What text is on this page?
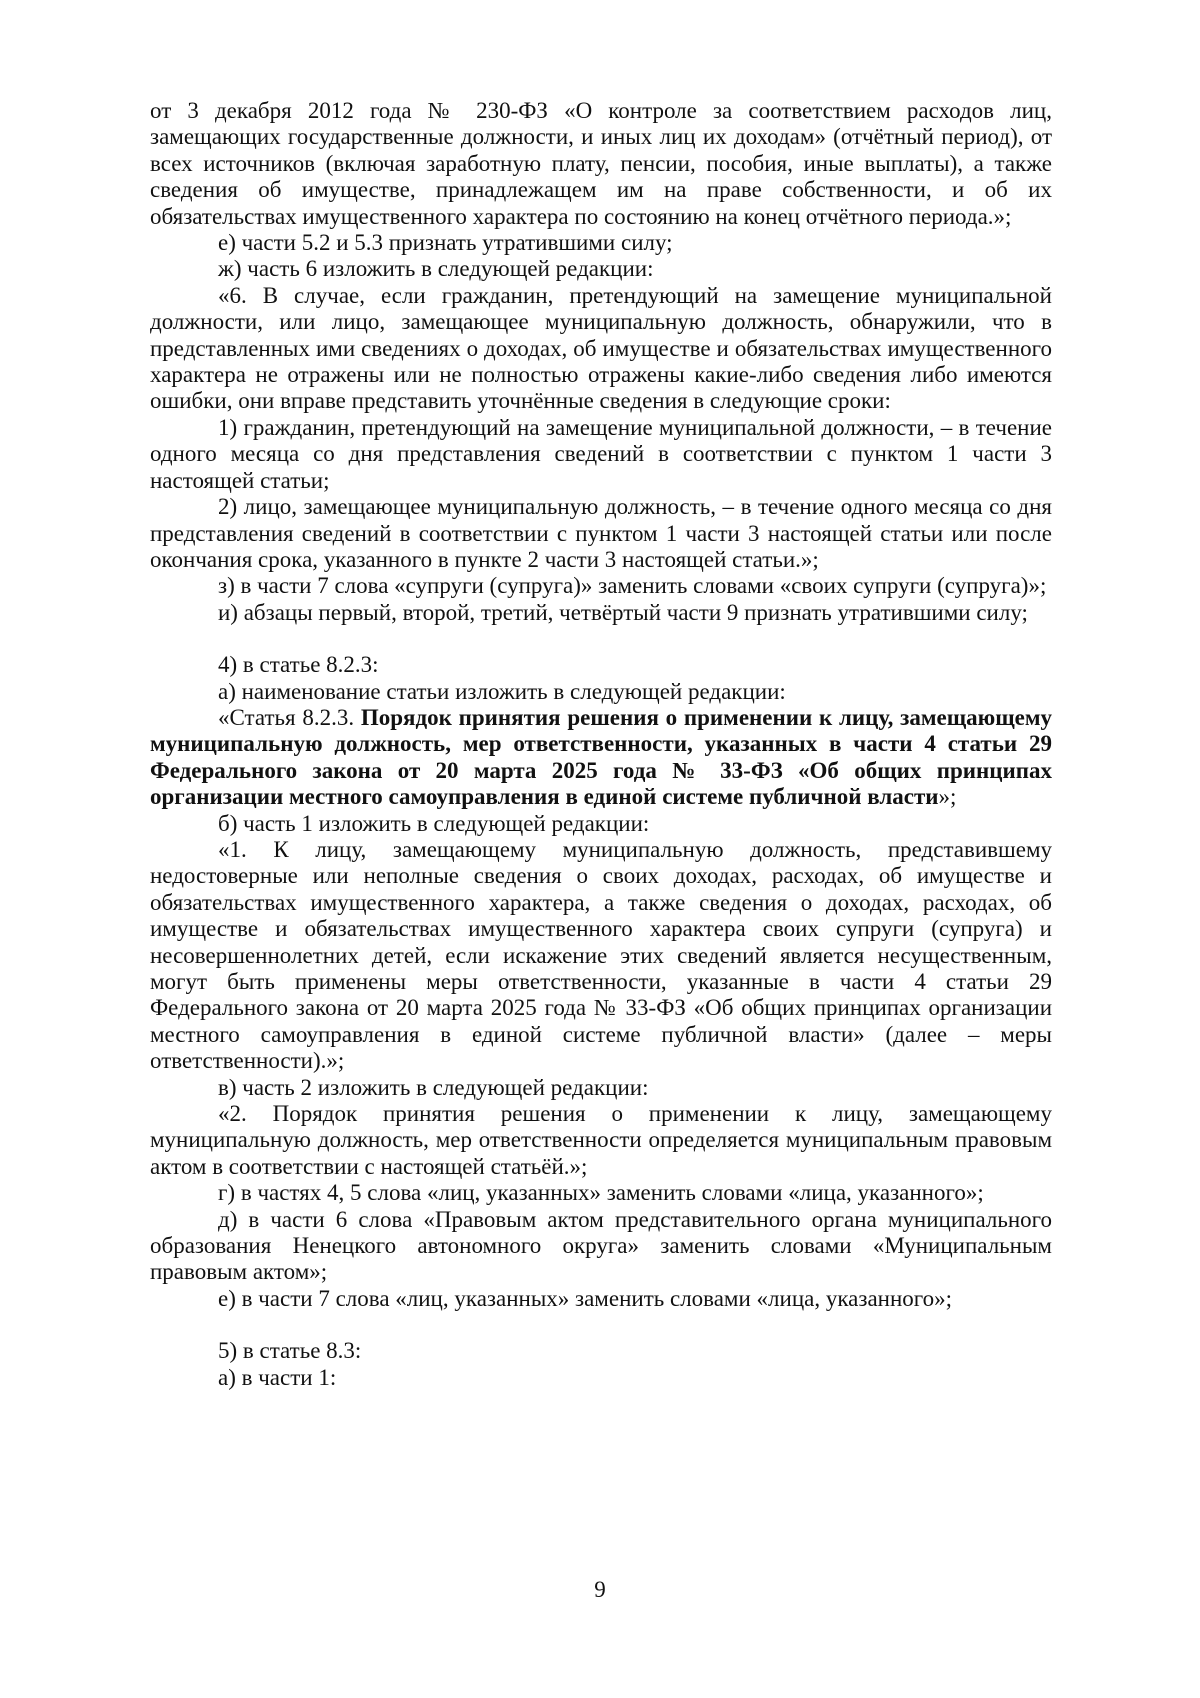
от 3 декабря 2012 года № 230-ФЗ «О контроле за соответствием расходов лиц, замещающих государственные должности, и иных лиц их доходам» (отчётный период), от всех источников (включая заработную плату, пенсии, пособия, иные выплаты), а также сведения об имуществе, принадлежащем им на праве собственности, и об их обязательствах имущественного характера по состоянию на конец отчётного периода.»;

е) части 5.2 и 5.3 признать утратившими силу;

ж) часть 6 изложить в следующей редакции:

«6. В случае, если гражданин, претендующий на замещение муниципальной должности, или лицо, замещающее муниципальную должность, обнаружили, что в представленных ими сведениях о доходах, об имуществе и обязательствах имущественного характера не отражены или не полностью отражены какие-либо сведения либо имеются ошибки, они вправе представить уточнённые сведения в следующие сроки:

1) гражданин, претендующий на замещение муниципальной должности, – в течение одного месяца со дня представления сведений в соответствии с пунктом 1 части 3 настоящей статьи;

2) лицо, замещающее муниципальную должность, – в течение одного месяца со дня представления сведений в соответствии с пунктом 1 части 3 настоящей статьи или после окончания срока, указанного в пункте 2 части 3 настоящей статьи.»;

з) в части 7 слова «супруги (супруга)» заменить словами «своих супруги (супруга)»;

и) абзацы первый, второй, третий, четвёртый части 9 признать утратившими силу;

4) в статье 8.2.3:

а) наименование статьи изложить в следующей редакции:

«Статья 8.2.3. Порядок принятия решения о применении к лицу, замещающему муниципальную должность, мер ответственности, указанных в части 4 статьи 29 Федерального закона от 20 марта 2025 года № 33-ФЗ «Об общих принципах организации местного самоуправления в единой системе публичной власти»;

б) часть 1 изложить в следующей редакции:

«1. К лицу, замещающему муниципальную должность, представившему недостоверные или неполные сведения о своих доходах, расходах, об имуществе и обязательствах имущественного характера, а также сведения о доходах, расходах, об имуществе и обязательствах имущественного характера своих супруги (супруга) и несовершеннолетних детей, если искажение этих сведений является несущественным, могут быть применены меры ответственности, указанные в части 4 статьи 29 Федерального закона от 20 марта 2025 года № 33-ФЗ «Об общих принципах организации местного самоуправления в единой системе публичной власти» (далее – меры ответственности).»;

в) часть 2 изложить в следующей редакции:

«2. Порядок принятия решения о применении к лицу, замещающему муниципальную должность, мер ответственности определяется муниципальным правовым актом в соответствии с настоящей статьёй.»;

г) в частях 4, 5 слова «лиц, указанных» заменить словами «лица, указанного»;

д) в части 6 слова «Правовым актом представительного органа муниципального образования Ненецкого автономного округа» заменить словами «Муниципальным правовым актом»;

е) в части 7 слова «лиц, указанных» заменить словами «лица, указанного»;

5) в статье 8.3:

а) в части 1:

9
